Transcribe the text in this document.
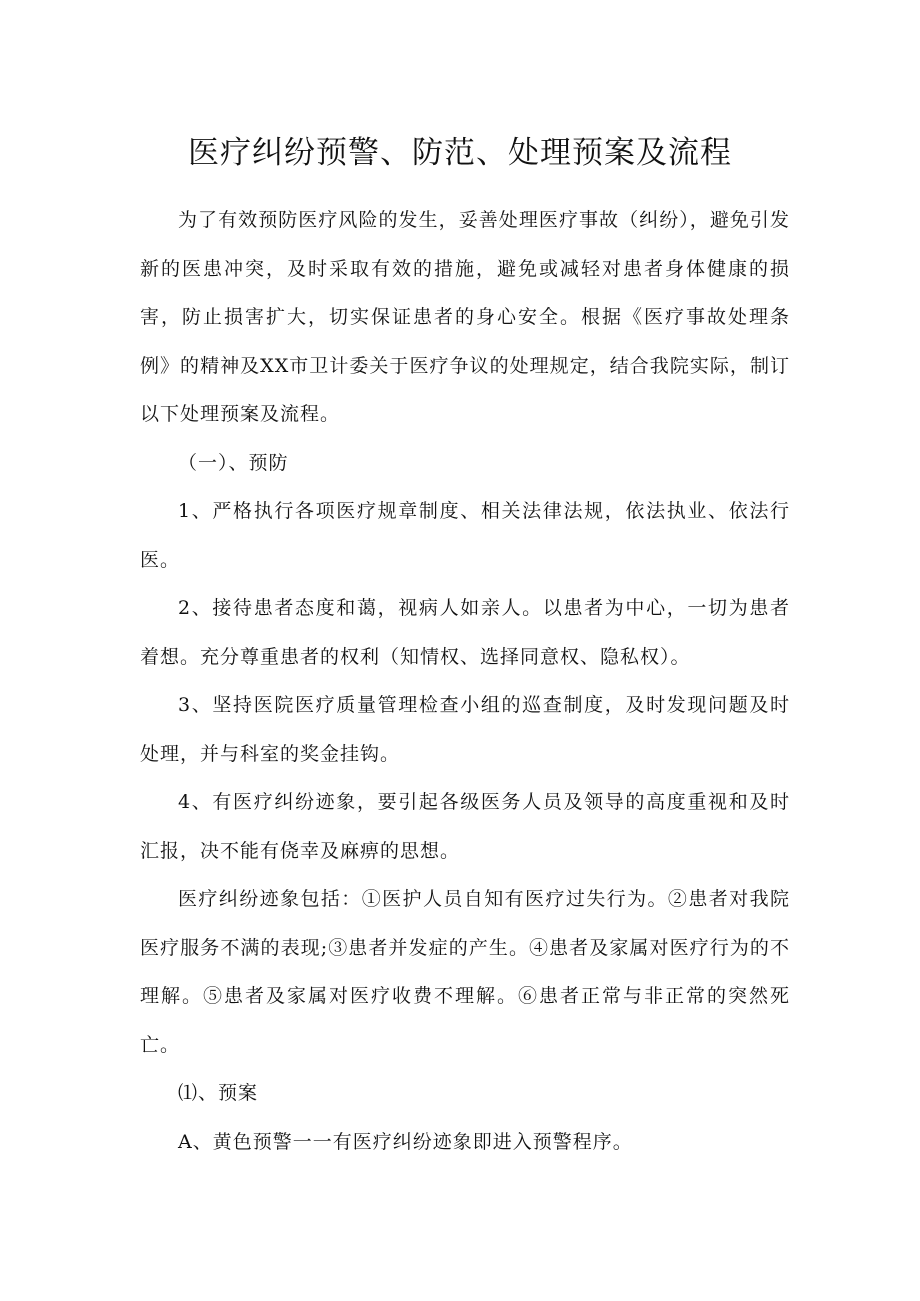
医疗纠纷预警、防范、处理预案及流程

为了有效预防医疗风险的发生，妥善处理医疗事故（纠纷），避免引发新的医患冲突，及时采取有效的措施，避免或减轻对患者身体健康的损害，防止损害扩大，切实保证患者的身心安全。根据《医疗事故处理条例》的精神及XX市卫计委关于医疗争议的处理规定，结合我院实际，制订以下处理预案及流程。

（一）、预防

1、严格执行各项医疗规章制度、相关法律法规，依法执业、依法行医。

2、接待患者态度和蔼，视病人如亲人。以患者为中心，一切为患者着想。充分尊重患者的权利（知情权、选择同意权、隐私权）。

3、坚持医院医疗质量管理检查小组的巡查制度，及时发现问题及时处理，并与科室的奖金挂钩。

4、有医疗纠纷迹象，要引起各级医务人员及领导的高度重视和及时汇报，决不能有侥幸及麻痹的思想。

医疗纠纷迹象包括：①医护人员自知有医疗过失行为。②患者对我院医疗服务不满的表现;③患者并发症的产生。④患者及家属对医疗行为的不理解。⑤患者及家属对医疗收费不理解。⑥患者正常与非正常的突然死亡。

⑴、预案

A、黄色预警一一有医疗纠纷迹象即进入预警程序。
